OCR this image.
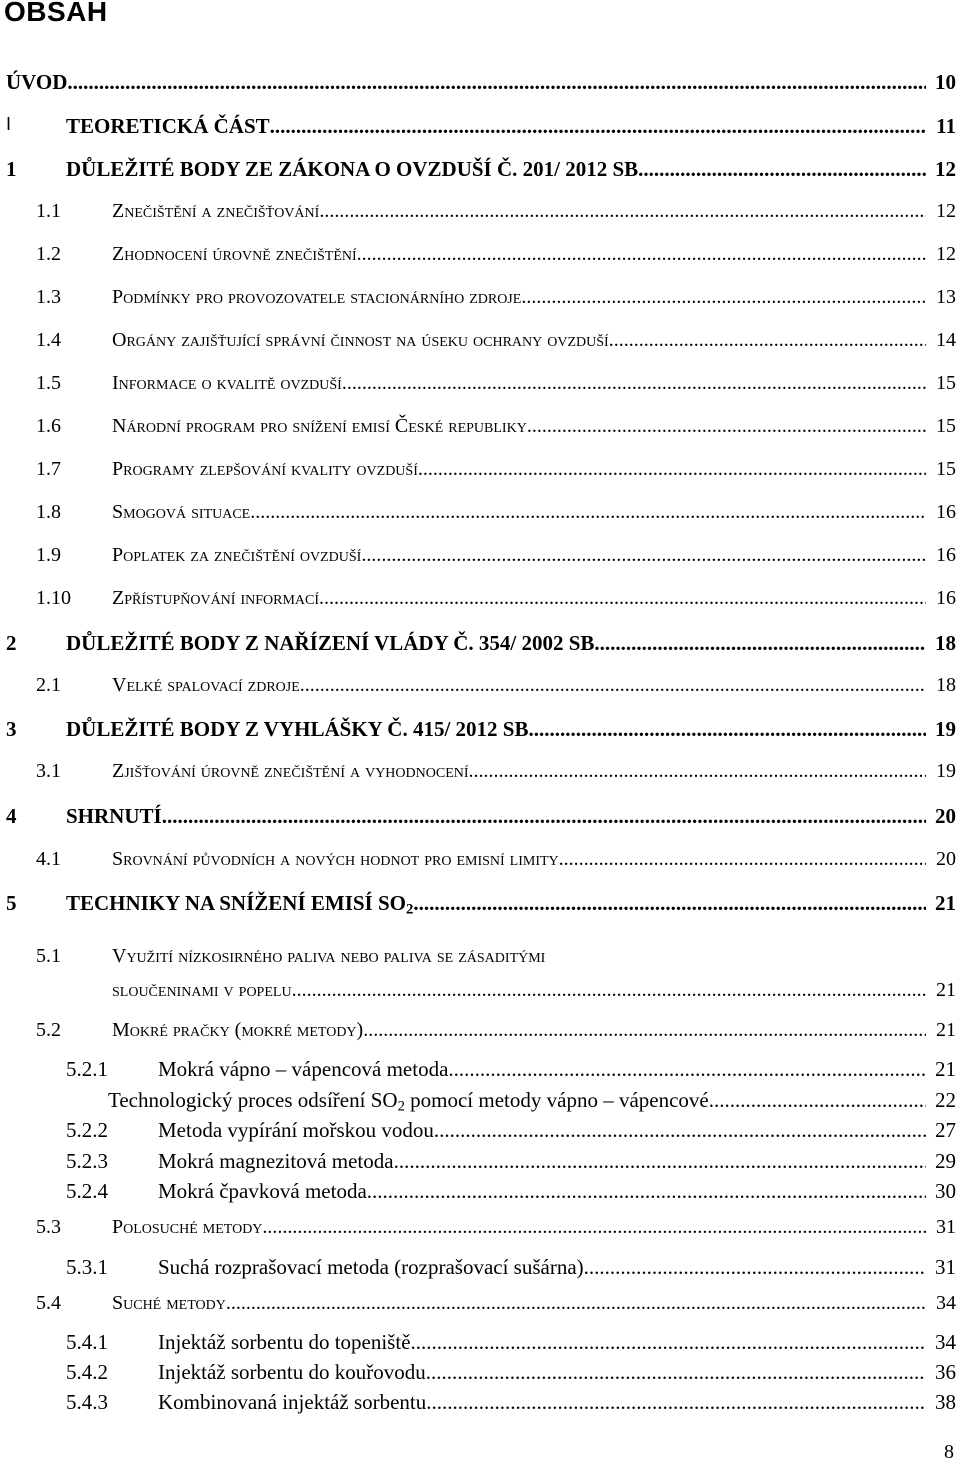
OBSAH
ÚVOD .....	10
I	TEORETICKÁ ČÁST .....	11
1 DŮLEŽITÉ BODY ZE ZÁKONA O OVZDUŠÍ Č. 201/ 2012 SB. .....	12
1.1	Znečištění a znečišťování .....	12
1.2	Zhodnocení úrovně znečištění .....	12
1.3	Podmínky pro provozovatele stacionárního zdroje .....	13
1.4	Orgány zajišťující správní činnost na úseku ochrany ovzduší .....	14
1.5	Informace o kvalitě ovzduší .....	15
1.6	Národní program pro snížení emisí České republiky .....	15
1.7	Programy zlepšování kvality ovzduší .....	15
1.8	Smogová situace .....	16
1.9	Poplatek za znečištění ovzduší .....	16
1.10 Zpřístupňování informací .....	16
2 DŮLEŽITÉ BODY Z NAŘÍZENÍ VLÁDY Č. 354/ 2002 SB. .....	18
2.1	Velké spalovací zdroje .....	18
3 DŮLEŽITÉ BODY Z VYHLÁŠKY Č. 415/ 2012 SB. .....	19
3.1	Zjišťování úrovně znečištění a vyhodnocení .....	19
4 SHRNUTÍ .....	20
4.1	Srovnání původních a nových hodnot pro emisní limity .....	20
5 TECHNIKY NA SNÍŽENÍ EMISÍ $SO_2$ .....	21
5.1	Využití nízkosirného paliva nebo paliva se zásaditými
sloučeninami v popelu .....	21
5.2	Mokré pračky (mokré metody) .....	21
5.2.1 Mokrá vápno – vápencová metoda .....	21
Technologický proces odsíření $SO_2$ pomocí metody vápno – vápencové .....	22
5.2.2 Metoda vypírání mořskou vodou .....	27
5.2.3 Mokrá magnezitová metoda .....	29
5.2.4 Mokrá čpavková metoda .....	30
5.3	Polosuché metody .....	31
5.3.1 Suchá rozprašovací metoda (rozprašovací sušárna) .....	31
5.4	Suché metody .....	34
5.4.1 Injektáž sorbentu do topeniště .....	34
5.4.2 Injektáž sorbentu do kouřovodu .....	36
5.4.3 Kombinovaná injektáž sorbentu .....	38
8
